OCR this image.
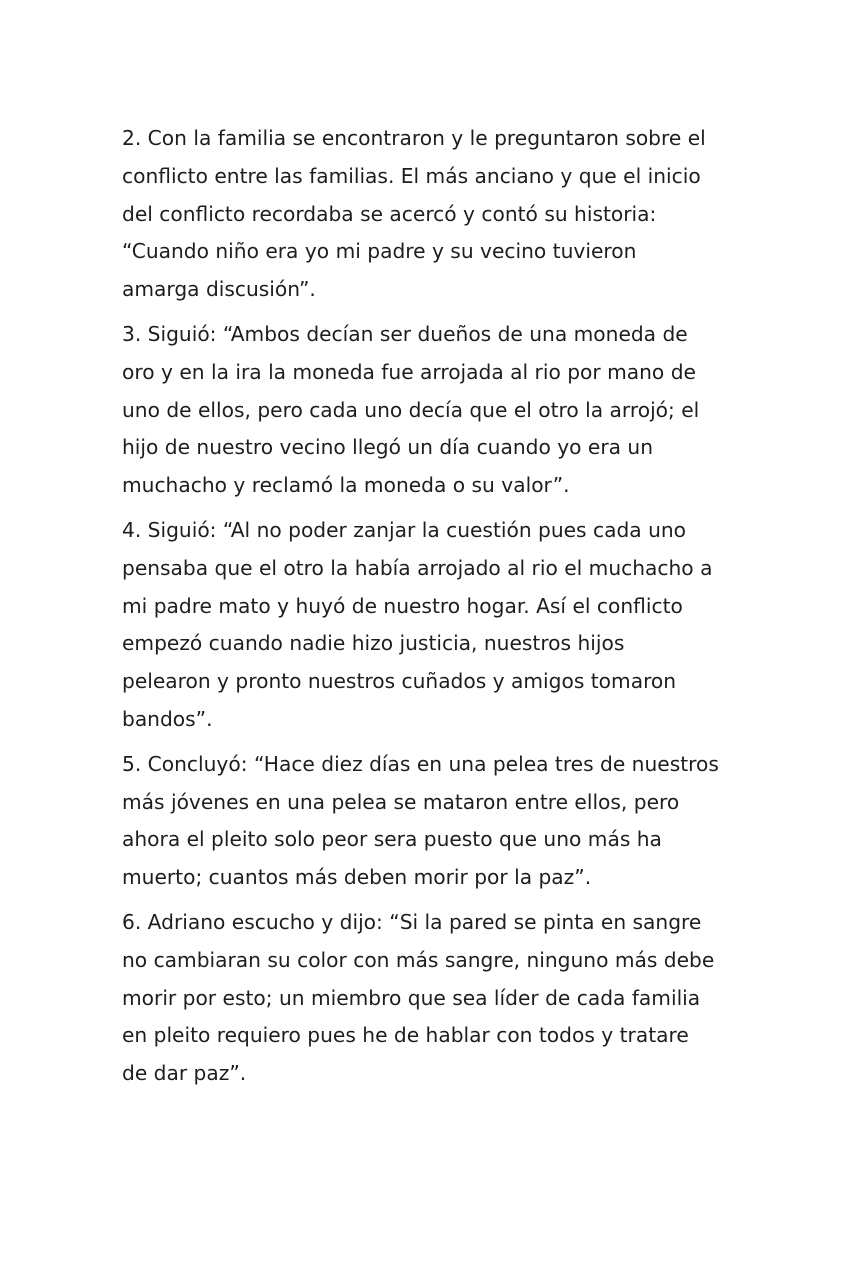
2. Con la familia se encontraron y le preguntaron sobre el
conflicto entre las familias. El más anciano y que el inicio
del conflicto recordaba se acercó y contó su historia:
“Cuando niño era yo mi padre y su vecino tuvieron
amarga discusión”.

3. Siguió: “Ambos decían ser dueños de una moneda de
oro y en la ira la moneda fue arrojada al rio por mano de
uno de ellos, pero cada uno decía que el otro la arrojó; el
hijo de nuestro vecino llegó un día cuando yo era un
muchacho y reclamó la moneda o su valor”.

4. Siguió: “Al no poder zanjar la cuestión pues cada uno
pensaba que el otro la había arrojado al rio el muchacho a
mi padre mato y huyó de nuestro hogar. Así el conflicto
empezó cuando nadie hizo justicia, nuestros hijos
pelearon y pronto nuestros cuñados y amigos tomaron
bandos”.

5. Concluyó: “Hace diez días en una pelea tres de nuestros
más jóvenes en una pelea se mataron entre ellos, pero
ahora el pleito solo peor sera puesto que uno más ha
muerto; cuantos más deben morir por la paz”.

6. Adriano escucho y dijo: “Si la pared se pinta en sangre
no cambiaran su color con más sangre, ninguno más debe
morir por esto; un miembro que sea líder de cada familia
en pleito requiero pues he de hablar con todos y tratare
de dar paz”.
